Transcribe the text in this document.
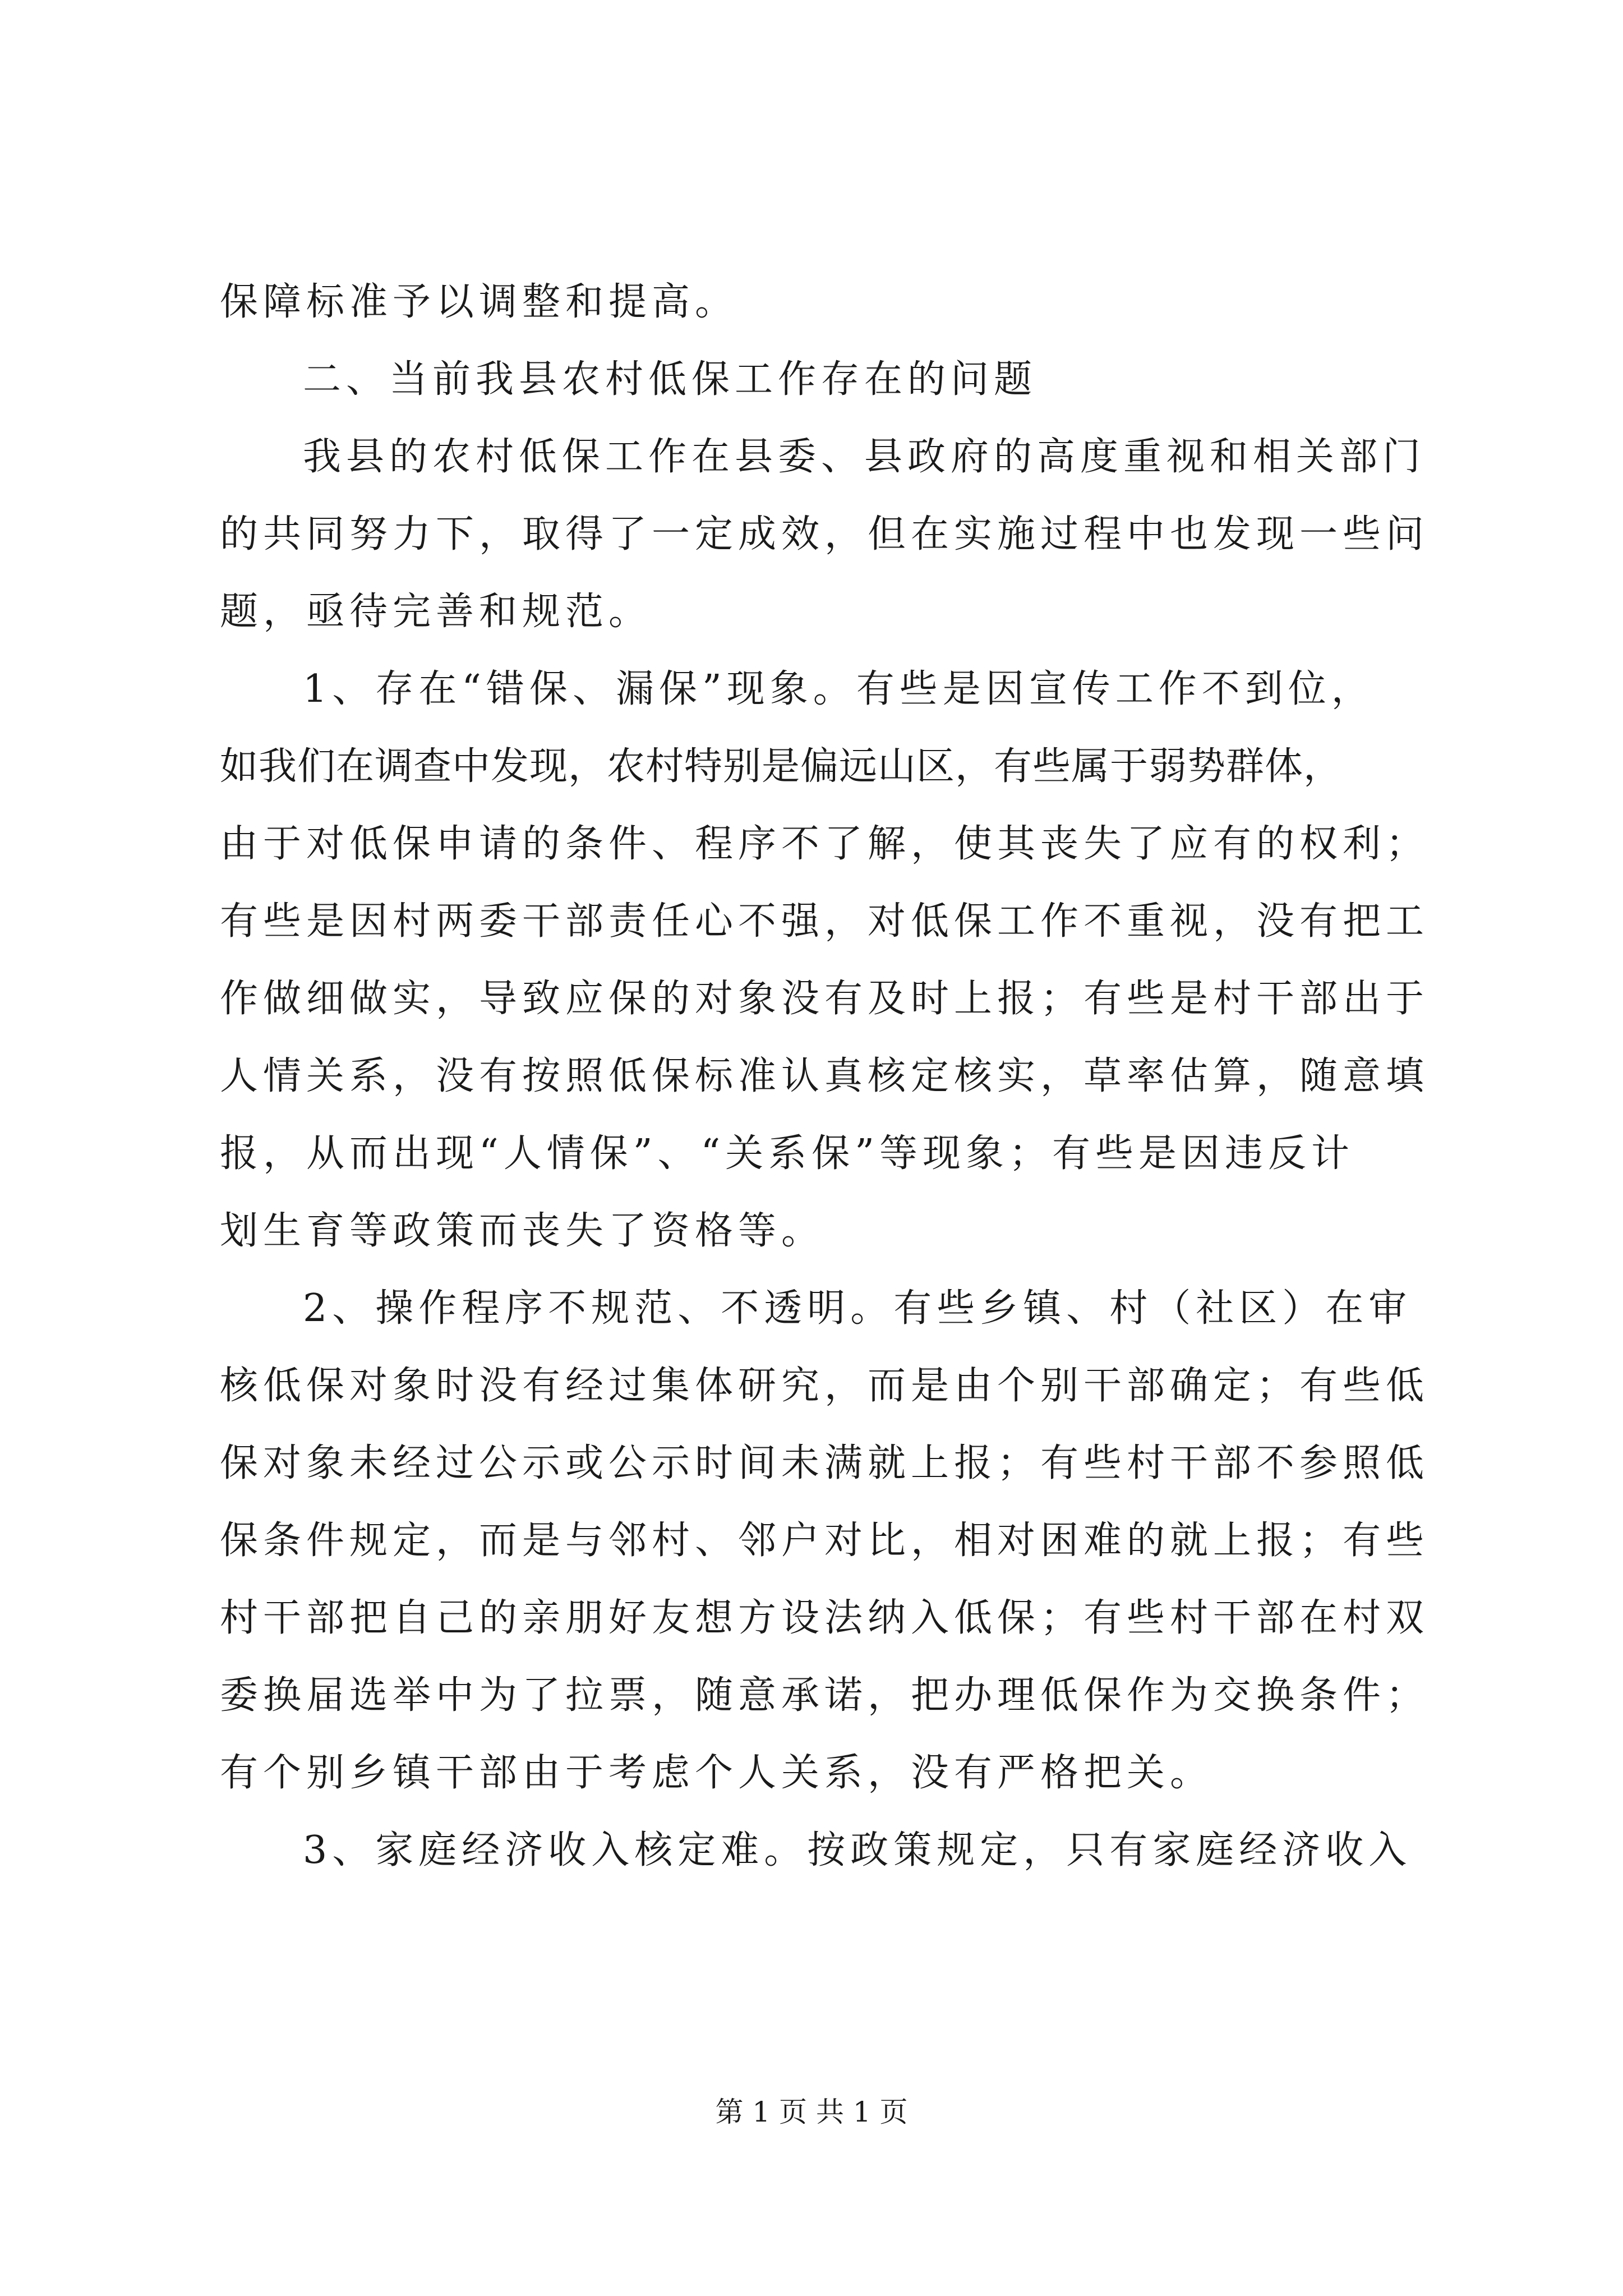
保障标准予以调整和提高。
二、当前我县农村低保工作存在的问题
我县的农村低保工作在县委、县政府的高度重视和相关部门
的共同努力下，取得了一定成效，但在实施过程中也发现一些问
题，亟待完善和规范。
1、存在“错保、漏保”现象。有些是因宣传工作不到位，
如我们在调查中发现，农村特别是偏远山区，有些属于弱势群体，
由于对低保申请的条件、程序不了解，使其丧失了应有的权利；
有些是因村两委干部责任心不强，对低保工作不重视，没有把工
作做细做实，导致应保的对象没有及时上报；有些是村干部出于
人情关系，没有按照低保标准认真核定核实，草率估算，随意填
报，从而出现“人情保”、“关系保”等现象；有些是因违反计
划生育等政策而丧失了资格等。
2、操作程序不规范、不透明。有些乡镇、村（社区）在审
核低保对象时没有经过集体研究，而是由个别干部确定；有些低
保对象未经过公示或公示时间未满就上报；有些村干部不参照低
保条件规定，而是与邻村、邻户对比，相对困难的就上报；有些
村干部把自己的亲朋好友想方设法纳入低保；有些村干部在村双
委换届选举中为了拉票，随意承诺，把办理低保作为交换条件；
有个别乡镇干部由于考虑个人关系，没有严格把关。
3、家庭经济收入核定难。按政策规定，只有家庭经济收入
第 1 页 共 1 页
